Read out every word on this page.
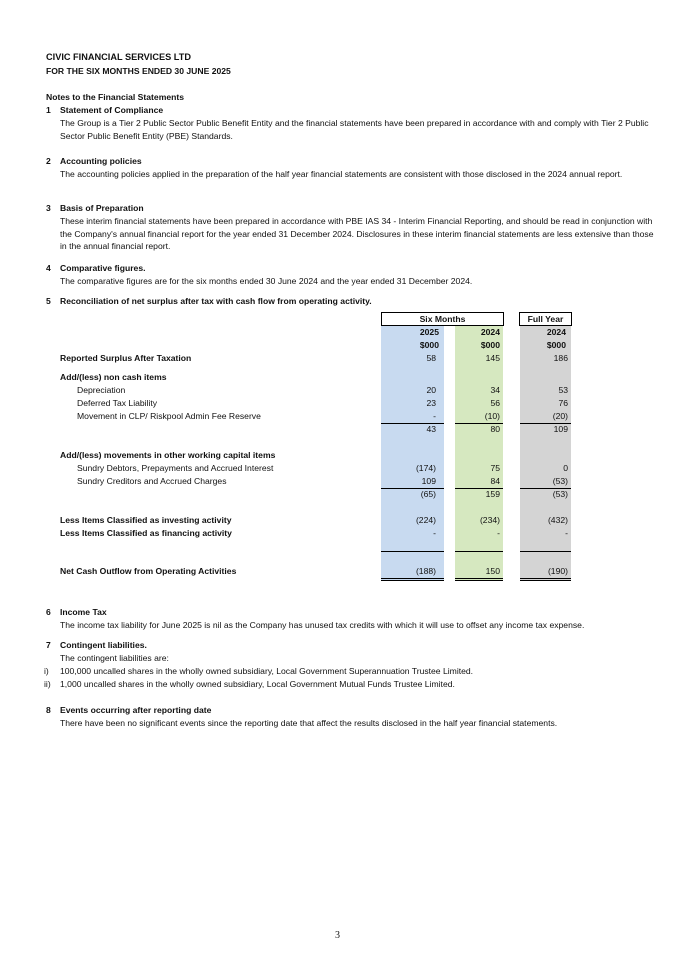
CIVIC FINANCIAL SERVICES LTD
FOR THE SIX MONTHS ENDED 30 JUNE 2025
Notes to the Financial Statements
1 Statement of Compliance
The Group is a Tier 2 Public Sector Public Benefit Entity and the financial statements have been prepared in accordance with and comply with Tier 2 Public Sector Public Benefit Entity (PBE) Standards.
2 Accounting policies
The accounting policies applied in the preparation of the half year financial statements are consistent with those disclosed in the 2024 annual report.
3 Basis of Preparation
These interim financial statements have been prepared in accordance with PBE IAS 34 - Interim Financial Reporting, and should be read in conjunction with the Company's annual financial report for the year ended 31 December 2024. Disclosures in these interim financial statements are less extensive than those in the annual financial report.
4 Comparative figures.
The comparative figures are for the six months ended 30 June 2024 and the year ended 31 December 2024.
5 Reconciliation of net surplus after tax with cash flow from operating activity.
Six Months	Full Year
2025	2024	2024
$000	$000	$000
Reported Surplus After Taxation	58	145	186
Add/(less) non cash items
Depreciation	20	34	53
Deferred Tax Liability	23	56	76
Movement in CLP/ Riskpool Admin Fee Reserve	-	(10)	(20)
43	80	109
Add/(less) movements in other working capital items
Sundry Debtors, Prepayments and Accrued Interest	(174)	75	0
Sundry Creditors and Accrued Charges	109	84	(53)
(65)	159	(53)
Less Items Classified as investing activity	(224)	(234)	(432)
Less Items Classified as financing activity	-	-	-
Net Cash Outflow from Operating Activities	(188)	150	(190)
6 Income Tax
The income tax liability for June 2025 is nil as the Company has unused tax credits with which it will use to offset any income tax expense.
7 Contingent liabilities.
The contingent liabilities are:
i) 100,000 uncalled shares in the wholly owned subsidiary, Local Government Superannuation Trustee Limited.
ii) 1,000 uncalled shares in the wholly owned subsidiary, Local Government Mutual Funds Trustee Limited.
8 Events occurring after reporting date
There have been no significant events since the reporting date that affect the results disclosed in the half year financial statements.
3
